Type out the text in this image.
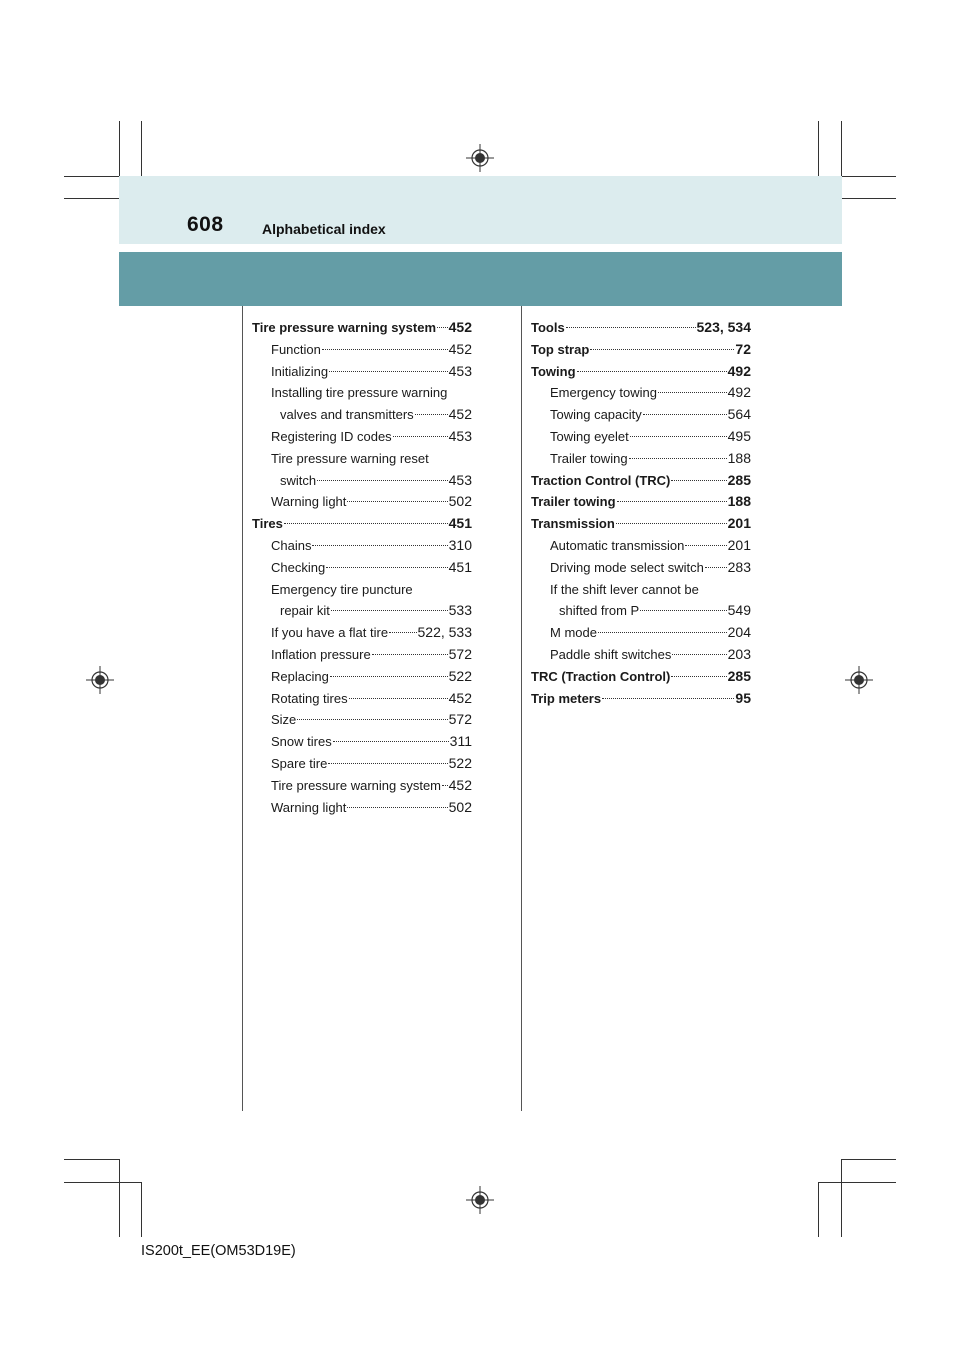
608	Alphabetical index
Tire pressure warning system 452
Function	452
Initializing	453
Installing tire pressure warning
valves and transmitters 452
Registering ID codes	453
Tire pressure warning reset
switch	453
Warning light	502
Tires	451
Chains	310
Checking	451
Emergency tire puncture
repair kit	533
If you have a flat tire 522, 533
Inflation pressure	572
Replacing	522
Rotating tires	452
Size	572
Snow tires	311
Spare tire	522
Tire pressure warning system 452
Warning light	502
Tools	523, 534
Top strap	72
Towing	492
Emergency towing	492
Towing capacity	564
Towing eyelet	495
Trailer towing	188
Traction Control (TRC)	285
Trailer towing	188
Transmission	201
Automatic transmission	201
Driving mode select switch 283
If the shift lever cannot be
shifted from P	549
M mode	204
Paddle shift switches	203
TRC (Traction Control)	285
Trip meters	95
IS200t_EE(OM53D19E)
